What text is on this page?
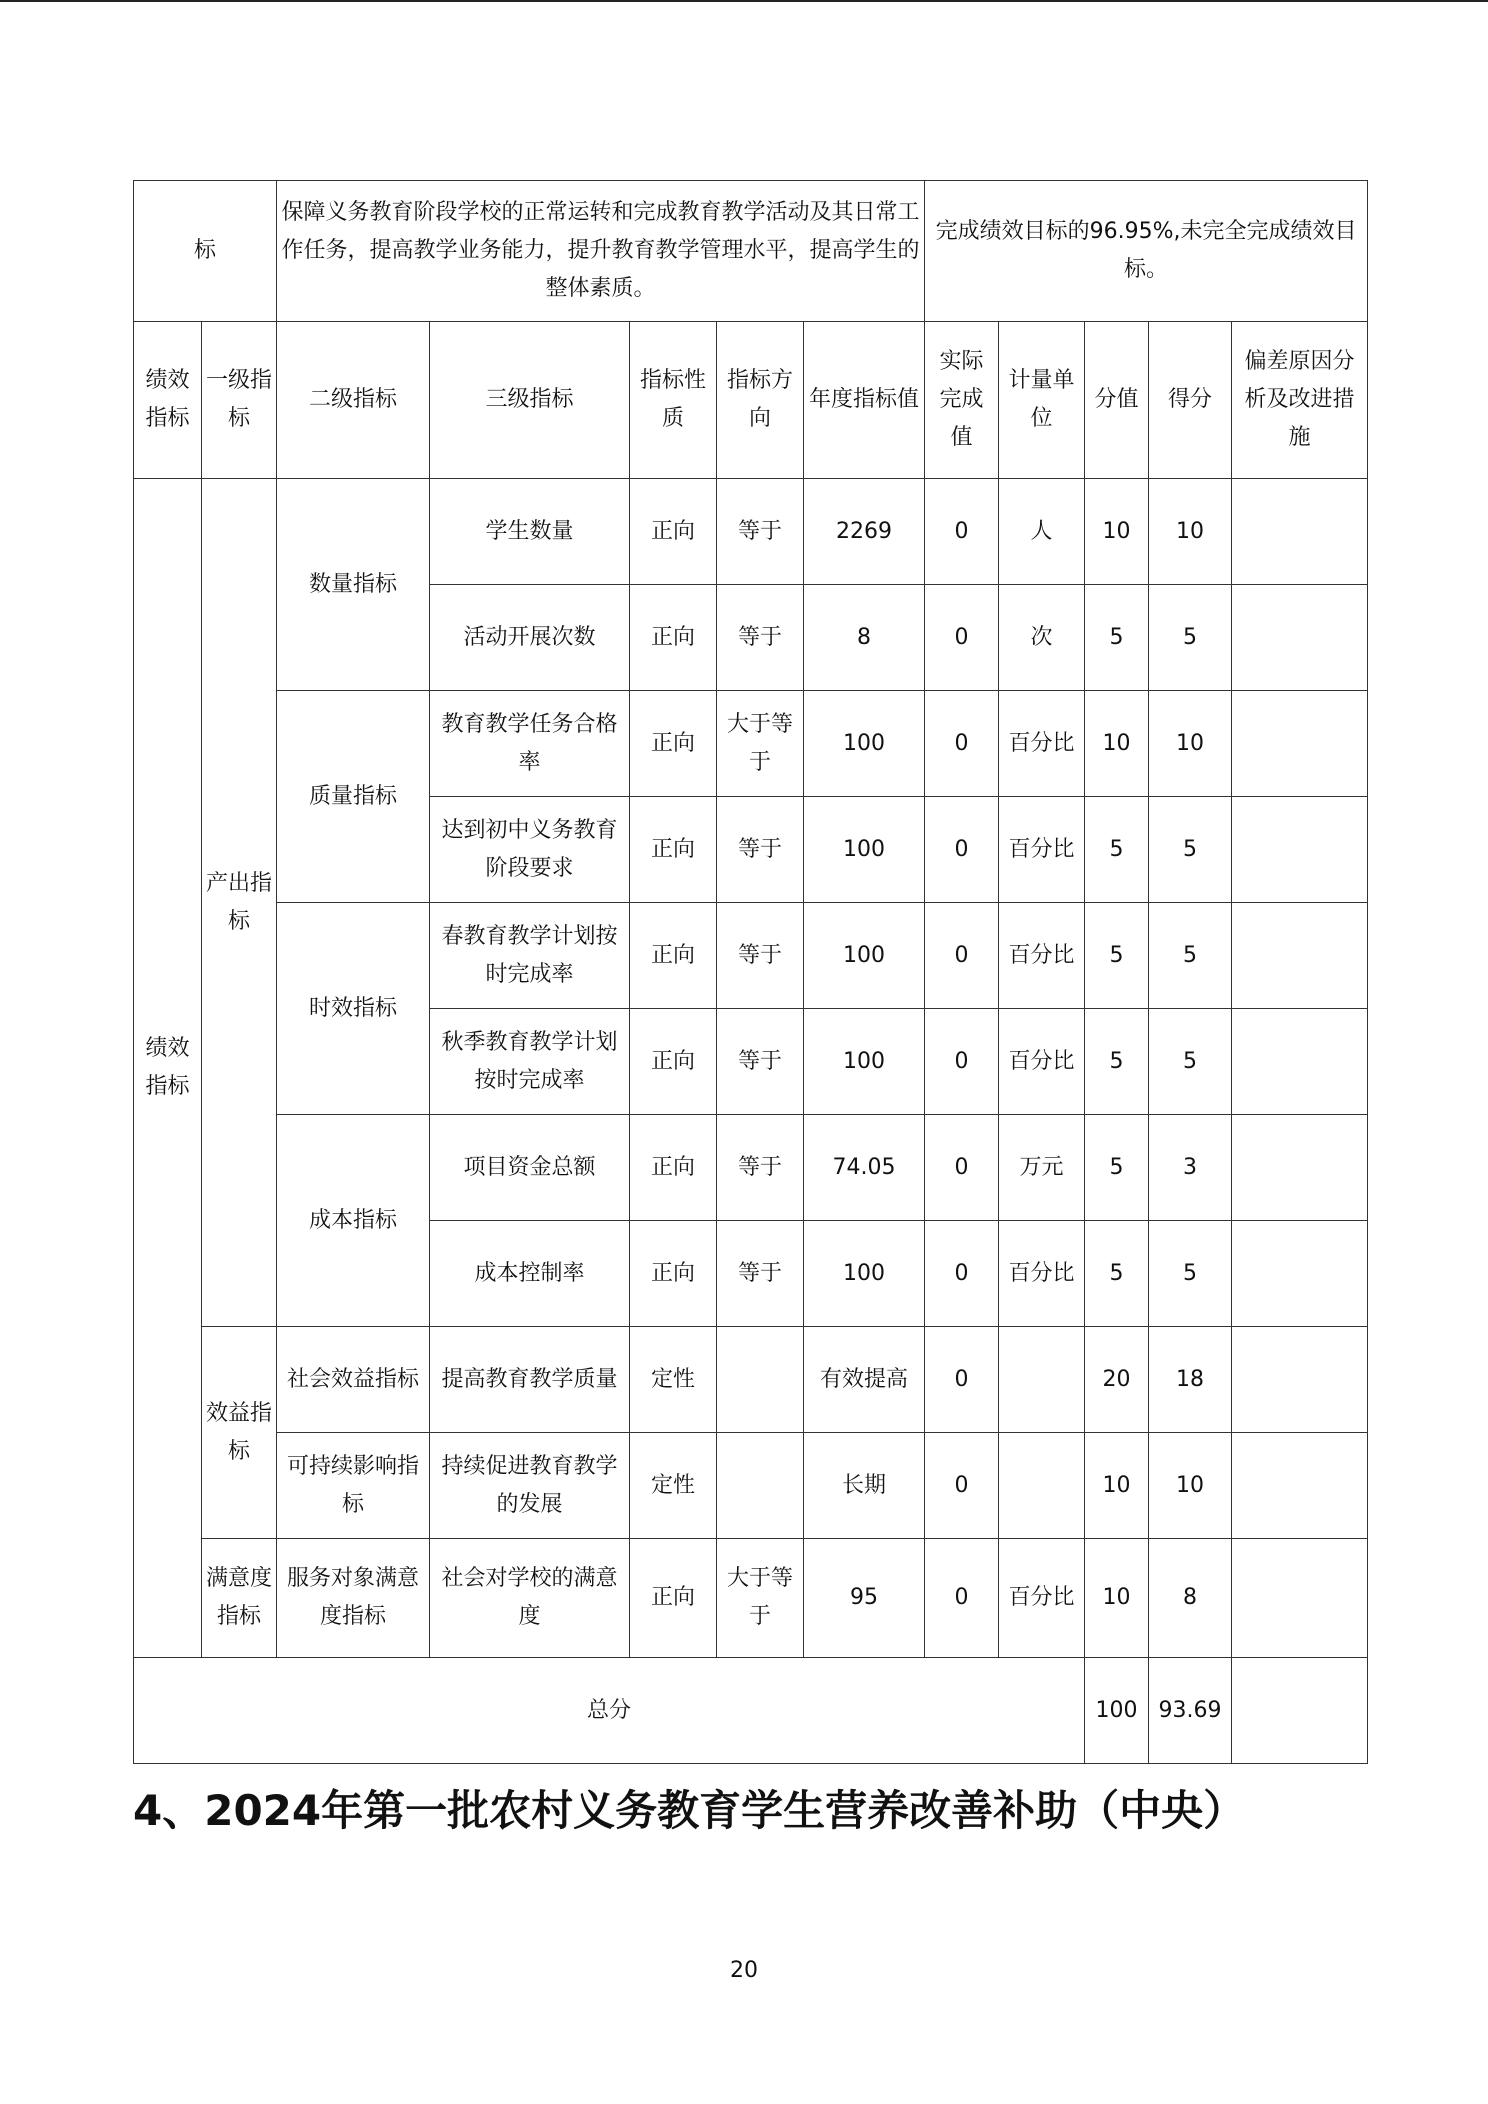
标		保障义务教育阶段学校的正常运转和完成教育教学活动及其日常工作任务，提高教学业务能力，提升教育教学管理水平，提高学生的整体素质。					完成绩效目标的96.95%,未完全完成绩效目标。				
绩效指标	一级指标	二级指标	三级指标	指标性质	指标方向	年度指标值	实际完成值	计量单位	分值	得分	偏差原因分析及改进措施
绩效指标	产出指标	数量指标	学生数量	正向	等于	2269	0	人	10	10	
			活动开展次数	正向	等于	8	0	次	5	5	
		质量指标	教育教学任务合格率	正向	大于等于	100	0	百分比	10	10	
			达到初中义务教育阶段要求	正向	等于	100	0	百分比	5	5	
		时效指标	春教育教学计划按时完成率	正向	等于	100	0	百分比	5	5	
			秋季教育教学计划按时完成率	正向	等于	100	0	百分比	5	5	
		成本指标	项目资金总额	正向	等于	74.05	0	万元	5	3	
			成本控制率	正向	等于	100	0	百分比	5	5	
	效益指标	社会效益指标	提高教育教学质量	定性		有效提高	0		20	18	
		可持续影响指标	持续促进教育教学的发展	定性		长期	0		10	10	
	满意度指标	服务对象满意度指标	社会对学校的满意度	正向	大于等于	95	0	百分比	10	8	
总分									100	93.69	
4、2024年第一批农村义务教育学生营养改善补助（中央）
20
